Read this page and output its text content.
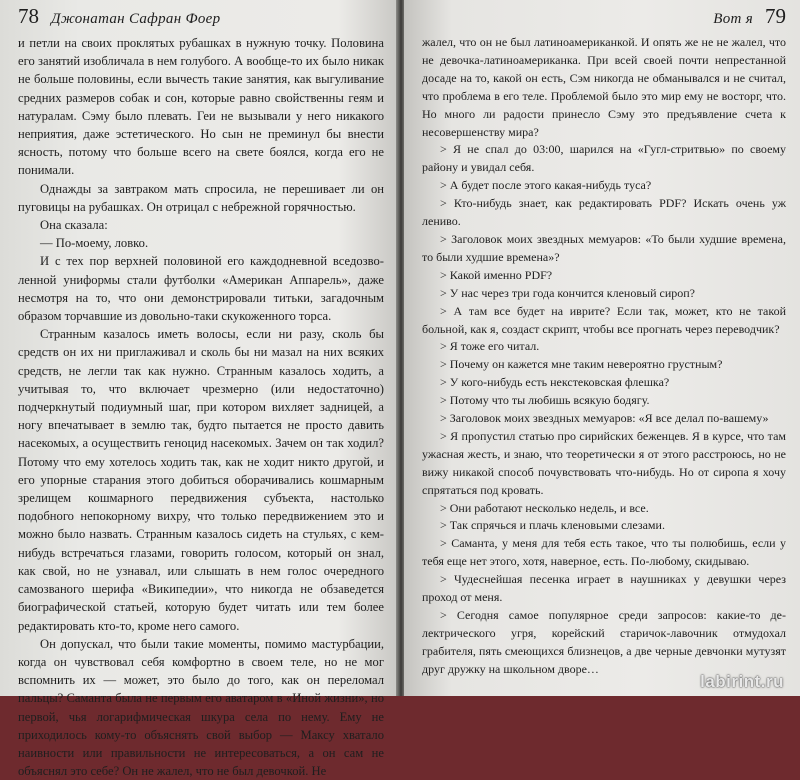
78 Джонатан Сафран Фоер

и петли на своих проклятых рубашках в нужную точку. Половина его занятий изобличала в нем голубого. А вообще-то их было никак не больше половины, если вычесть такие занятия, как выгуливание средних размеров собак и сон, которые равно свойственны геям и натуралам. Сэму было плевать. Геи не вызывали у него никакого неприятия, даже эстетического. Но сын не преминул бы внести ясность, потому что больше всего на свете боялся, когда его не понимали.

Однажды за завтраком мать спросила, не перешивает ли он пуговицы на рубашках. Он отрицал с небрежной горячностью.

Она сказала:

— По-моему, ловко.

И с тех пор верхней половиной его каждодневной вседозволенной униформы стали футболки «Американ Аппарель», даже несмотря на то, что они демонстрировали титьки, загадочным образом торчавшие из довольно-таки скукоженного торса.

Странным казалось иметь волосы, если ни разу, сколь бы средств он их ни приглаживал и сколь бы ни мазал на них всяких средств, не легли так как нужно. Странным казалось ходить, а учитывая то, что включает чрезмерно (или недостаточно) подчеркнутый подиумный шаг, при котором вихляет задницей, а ногу впечатывает в землю так, будто пытается не просто давить насекомых, а осуществить геноцид насекомых. Зачем он так ходил? Потому что ему хотелось ходить так, как не ходит никто другой, и его упорные старания этого добиться оборачивались кошмарным зрелищем кошмарного передвижения субъекта, настолько подобного непокорному вихру, что только передвижением это и можно было назвать. Странным казалось сидеть на стульях, с кем-нибудь встречаться глазами, говорить голосом, который он знал, как свой, но не узнавал, или слышать в нем голос очередного самозваного шерифа «Википедии», что никогда не обзаведется биографической статьей, которую будет читать или тем более редактировать кто-то, кроме него самого.

Он допускал, что были такие моменты, помимо мастурбации, когда он чувствовал себя комфортно в своем теле, но не мог вспомнить их — может, это было до того, как он переломал пальцы? Саманта была не первым его аватаром в «Иной жизни», но первой, чья логарифмическая шкура села по нему. Ему не приходилось кому-то объяснять свой выбор — Максу хватало наивности или правильности не интересоваться, а он сам не объяснял это себе? Он не жалел, что не был девочкой. Не

Вот я 79

жалел, что он не был латиноамериканкой. И опять же не не жалел, что не девочка-латиноамериканка. При всей своей почти непрестанной досаде на то, какой он есть, Сэм никогда не обманывался и не считал, что проблема в его теле. Проблемой было это мир ему не восторг, что. Но много ли радости принесло Сэму это предъявление счета к несовершенству мира?

> Я не спал до 03:00, шарился на «Гугл-стритвью» по своему району и увидал себя.

> А будет после этого какая-нибудь туса?

> Кто-нибудь знает, как редактировать PDF? Искать очень уж лениво.

> Заголовок моих звездных мемуаров: «То были худшие времена, то были худшие времена»?

> Какой именно PDF?

> У нас через три года кончится кленовый сироп?

> А там все будет на иврите? Если так, может, кто не такой больной, как я, создаст скрипт, чтобы все прогнать через переводчик?

> Я тоже его читал.

> Почему он кажется мне таким невероятно грустным?

> У кого-нибудь есть некстековская флешка?

> Потому что ты любишь всякую бодягу.

> Заголовок моих звездных мемуаров: «Я все делал по-вашему»

> Я пропустил статью про сирийских беженцев. Я в курсе, что там ужасная жесть, и знаю, что теоретически я от этого расстроюсь, но не вижу никакой способ почувствовать что-нибудь. Но от сиропа я хочу спрятаться под кровать.

> Они работают несколько недель, и все.

> Так спрячься и плачь кленовыми слезами.

> Саманта, у меня для тебя есть такое, что ты полюбишь, если у тебя еще нет этого, хотя, наверное, есть. По-любому, скидываю.

> Чудеснейшая песенка играет в наушниках у девушки через проход от меня.

> Сегодня самое популярное среди запросов: какие-то делектрического угря, корейский старичок-лавочник отмудохал грабителя, пять смеющихся близнецов, а две черные девчонки мутузят друг дружку на школьном дворе…

labirint.ru
